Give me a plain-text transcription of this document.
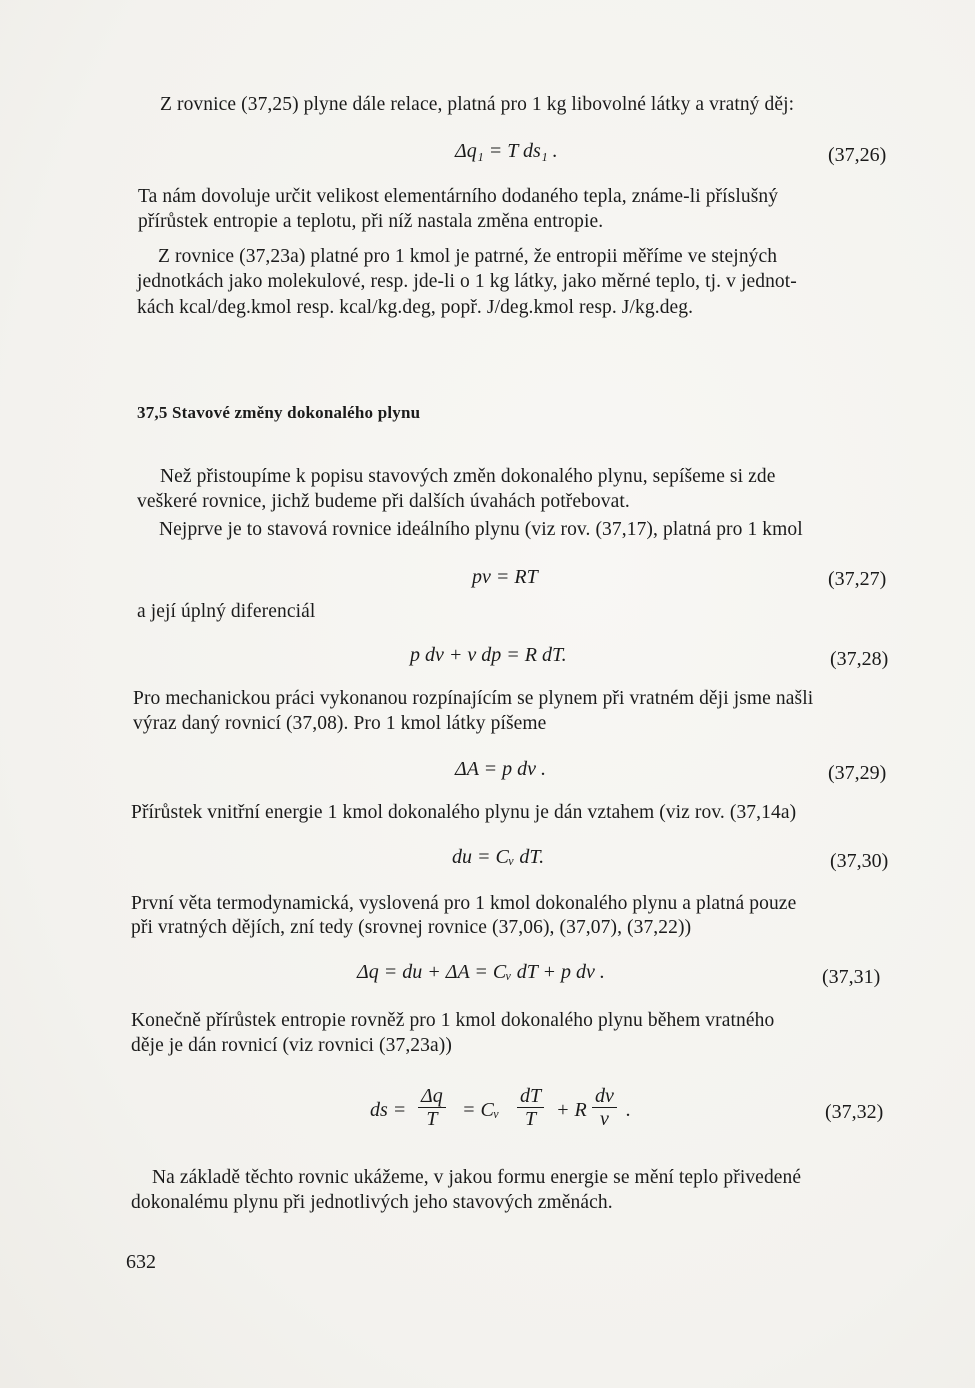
Z rovnice (37,25) plyne dále relace, platná pro 1 kg libovolné látky a vratný děj:
Δq₁ = T ds₁ .	(37,26)
Ta nám dovoluje určit velikost elementárního dodaného tepla, známe-li příslušný
přírůstek entropie a teplotu, při níž nastala změna entropie.
Z rovnice (37,23a) platné pro 1 kmol je patrné, že entropii měříme ve stejných
jednotkách jako molekulové, resp. jde-li o 1 kg látky, jako měrné teplo, tj. v jednot-
kách kcal/deg.kmol resp. kcal/kg.deg, popř. J/deg.kmol resp. J/kg.deg.
37,5 Stavové změny dokonalého plynu
Než přistoupíme k popisu stavových změn dokonalého plynu, sepíšeme si zde
veškeré rovnice, jichž budeme při dalších úvahách potřebovat.
Nejprve je to stavová rovnice ideálního plynu (viz rov. (37,17), platná pro 1 kmol
pv = RT	(37,27)
a její úplný diferenciál
p dv + v dp = R dT.	(37,28)
Pro mechanickou práci vykonanou rozpínajícím se plynem při vratném ději jsme našli
výraz daný rovnicí (37,08). Pro 1 kmol látky píšeme
ΔA = p dv .	(37,29)
Přírůstek vnitřní energie 1 kmol dokonalého plynu je dán vztahem (viz rov. (37,14a)
du = Cᵥ dT.	(37,30)
První věta termodynamická, vyslovená pro 1 kmol dokonalého plynu a platná pouze
při vratných dějích, zní tedy (srovnej rovnice (37,06), (37,07), (37,22))
Δq = du + ΔA = Cᵥ dT + p dv .	(37,31)
Konečně přírůstek entropie rovněž pro 1 kmol dokonalého plynu během vratného
děje je dán rovnicí (viz rovnici (37,23a))
ds =
Δq
T = Cᵥ
dT
T + R
dv
v .	(37,32)
Na základě těchto rovnic ukážeme, v jakou formu energie se mění teplo přivedené
dokonalému plynu při jednotlivých jeho stavových změnách.
632
